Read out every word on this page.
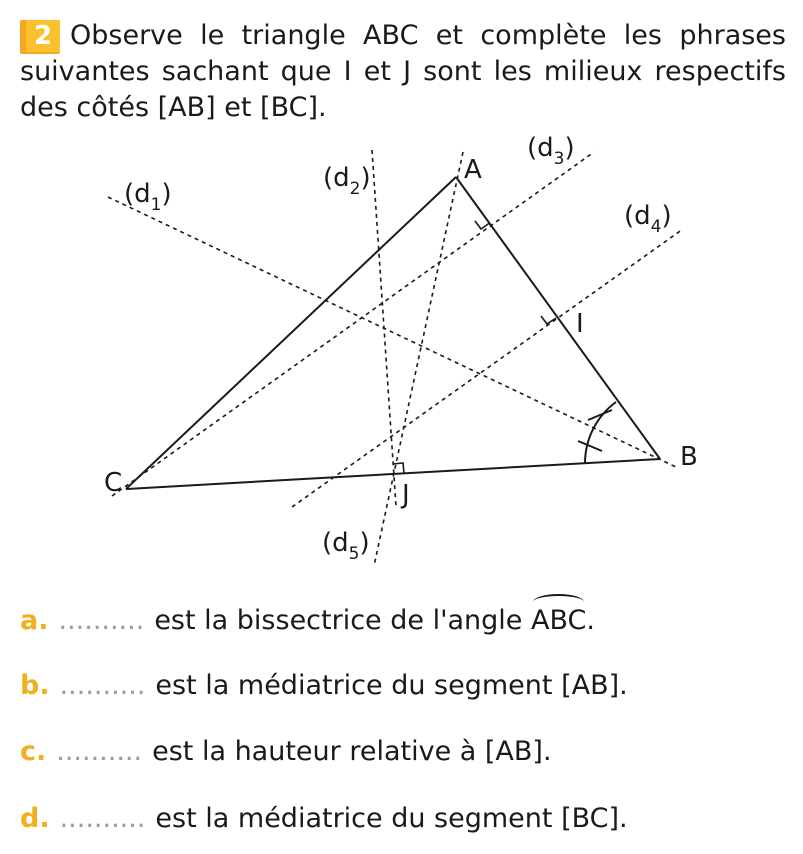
2 Observe le triangle ABC et complète les phrases suivantes sachant que I et J sont les milieux respectifs des côtés [AB] et [BC].

A
B
C
I
J
$(d_1)$
$(d_2)$
$(d_3)$
$(d_4)$
$(d_5)$
a. .......... est la bissectrice de l'angle ABC.
b. .......... est la médiatrice du segment [AB].
c. .......... est la hauteur relative à [AB].
d. .......... est la médiatrice du segment [BC].
